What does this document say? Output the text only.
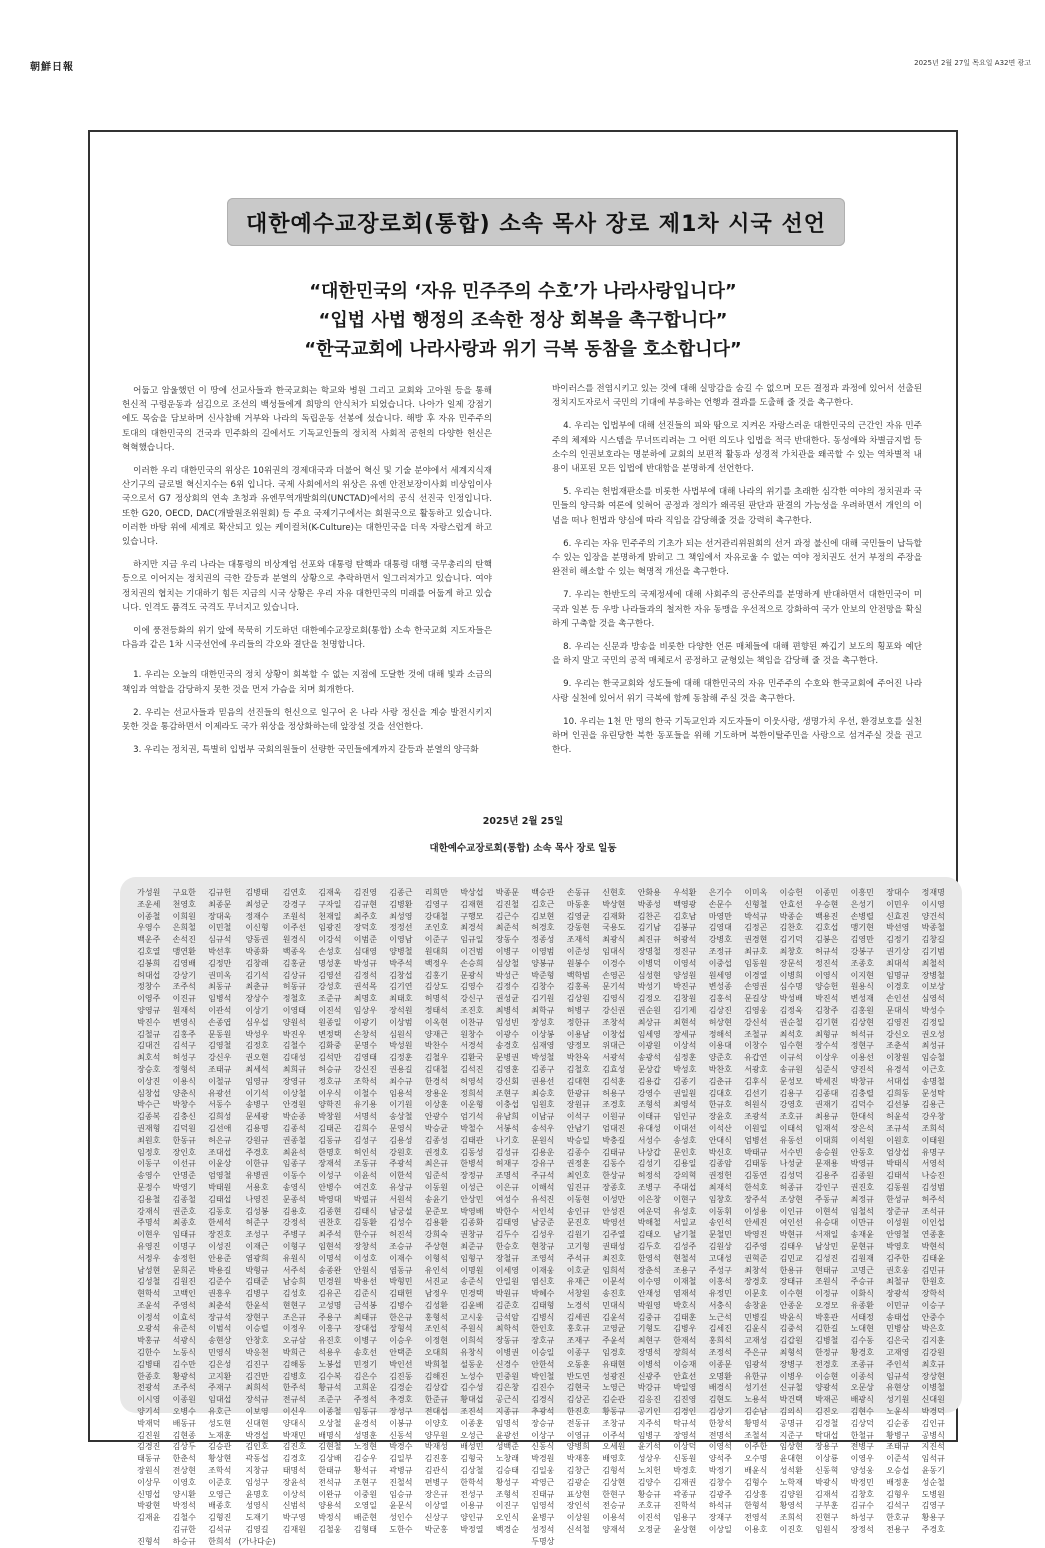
朝鮮日報	2025년 2월 27일 목요일 A32면 광고
대한예수교장로회(통합) 소속 목사 장로 제1차 시국 선언
“대한민국의 ‘자유 민주주의 수호’가 나라사랑입니다”
“입법 사법 행정의 조속한 정상 회복을 촉구합니다”
“한국교회에 나라사랑과 위기 극복 동참을 호소합니다”

어둡고 암울했던 이 땅에 선교사들과 한국교회는 학교와 병원 그리고 교회와 고아원 등을 통해 헌신적 구령운동과 섬김으로 조선의 백성들에게 희망의 안식처가 되었습니다. 나아가 일제 강점기에도 목숨을 담보하며 신사참배 거부와 나라의 독립운동 선봉에 섰습니다. 해방 후 자유 민주주의 토대의 대한민국의 건국과 민주화의 길에서도 기독교인들의 정치적 사회적 공헌의 다양한 헌신은 혁혁했습니다.

이러한 우리 대한민국의 위상은 10위권의 경제대국과 더불어 혁신 및 기술 분야에서 세계지식재산기구의 글로벌 혁신지수는 6위 입니다. 국제 사회에서의 위상은 유엔 안전보장이사회 비상임이사국으로서 G7 정상회의 연속 초청과 유엔무역개발회의(UNCTAD)에서의 공식 선진국 인정입니다. 또한 G20, OECD, DAC(개발원조위원회) 등 주요 국제기구에서는 회원국으로 활동하고 있습니다. 이러한 바탕 위에 세계로 확산되고 있는 케이컬처(K-Culture)는 대한민국을 더욱 자랑스럽게 하고 있습니다.

하지만 지금 우리 나라는 대통령의 비상계엄 선포와 대통령 탄핵과 대통령 대행 국무총리의 탄핵 등으로 이어지는 정치권의 극한 갈등과 분열의 상황으로 추락하면서 일그러져가고 있습니다. 여야 정치권의 협치는 기대하기 힘든 지금의 시국 상황은 우리 자유 대한민국의 미래를 어둡게 하고 있습니다. 인격도 품격도 국격도 무너지고 있습니다.

이에 풍전등화의 위기 앞에 묵묵히 기도하던 대한예수교장로회(통합) 소속 한국교회 지도자들은 다음과 같은 1차 시국선언에 우리들의 각오와 결단을 천명합니다.

1. 우리는 오늘의 대한민국의 정치 상황이 회복할 수 없는 지점에 도달한 것에 대해 빛과 소금의 책임과 역할을 감당하지 못한 것을 먼저 가슴을 치며 회개한다.

2. 우리는 선교사들과 믿음의 선진들의 헌신으로 일구어 온 나라 사랑 정신을 계승 발전시키지 못한 것을 통감하면서 이제라도 국가 위상을 정상화하는데 앞장설 것을 선언한다.

3. 우리는 정치권, 특별히 입법부 국회의원들이 선량한 국민들에게까지 갈등과 분열의 양극화

바이러스를 전염시키고 있는 것에 대해 실망감을 숨길 수 없으며 모든 결정과 과정에 있어서 선출된 정치지도자로서 국민의 기대에 부응하는 언행과 결과를 도출해 줄 것을 촉구한다.

4. 우리는 입법부에 대해 선진들의 피와 땀으로 지켜온 자랑스러운 대한민국의 근간인 자유 민주주의 체제와 시스템을 무너뜨리려는 그 어떤 의도나 입법을 적극 반대한다. 동성애와 차별금지법 등 소수의 인권보호라는 명분하에 교회의 보편적 활동과 성경적 가치관을 왜곡할 수 있는 역차별적 내용이 내포된 모든 입법에 반대함을 분명하게 선언한다.

5. 우리는 헌법재판소를 비롯한 사법부에 대해 나라의 위기를 초래한 심각한 여야의 정치권과 국민들의 양극화 여론에 잊혀어 공정과 정의가 왜곡된 판단과 판결의 가능성을 우려하면서 개인의 이념을 떠나 헌법과 양심에 따라 직임을 감당해줄 것을 강력히 촉구한다.

6. 우리는 자유 민주주의 기초가 되는 선거관리위원회의 선거 과정 불신에 대해 국민들이 납득할 수 있는 입장을 분명하게 밝히고 그 책임에서 자유로울 수 없는 여야 정치권도 선거 부정의 주장을 완전히 해소할 수 있는 혁명적 개선을 촉구한다.

7. 우리는 한반도의 국제정세에 대해 사회주의 공산주의를 분명하게 반대하면서 대한민국이 미국과 일본 등 우방 나라들과의 철저한 자유 동맹을 우선적으로 강화하여 국가 안보의 안전망을 확실하게 구축할 것을 촉구한다.

8. 우리는 신문과 방송을 비롯한 다양한 언론 매체들에 대해 편향된 짜깁기 보도의 횡포와 예단을 하지 말고 국민의 공적 매체로서 공정하고 균형있는 책임을 감당해 줄 것을 촉구한다.

9. 우리는 한국교회와 성도들에 대해 대한민국의 자유 민주주의 수호와 한국교회에 주어진 나라 사랑 실천에 있어서 위기 극복에 함께 동참해 주실 것을 촉구한다.

10. 우리는 1천 만 명의 한국 기독교인과 지도자들이 이웃사랑, 생명가치 우선, 환경보호를 실천하며 인권을 유린당한 북한 동포들을 위해 기도하며 북한이탈주민을 사랑으로 섬겨주실 것을 권고한다.

2025년 2월 25일
대한예수교장로회(통합) 소속 목사 장로 일동
가성원	구요한	김규헌	김병태	김연호	김재욱	김진영	김종근	리희만	박상섭	박종문	백승관	손동규	신현호	안화용	우석환	은기수	이미옥	이승헌	이종민	이흥민	장대수	정재명
조운세	천영호	최종문	최성군	강경구	구자일	김규현	김병환	김영구	김재현	김진철	김호근	마동훈	박상현	박종성	백영광	손문수	신형철	안효선	우승현	은성기	이민우	이시영
이종철	이희원	장대욱	정재수	조원석	천재일	최주호	최성영	강대철	구행모	김근수	김보현	김영균	김재화	김찬곤	김호남	마영만	박석규	박종순	백용진	손병렬	신효진	양건석
우영수	은희철	이민철	이신형	이주선	임광진	장덕호	정정선	조인호	최경석	최준석	허경호	강동현	국용도	김기남	김봉규	김영대	김정곤	김찬호	김호섭	맹기현	박선영	박종철
백운주	손석진	심규석	양동권	원경식	이강석	이범준	이영남	이준구	임규일	장동수	정종성	조재석	최광식	최진규	허광석	강병호	권경현	김기덕	김봉은	김영만	김정기	김창길
김호열	맹연환	박선후	박종화	백종옥	손성호	심대영	양병철	원대희	이건범	이병구	이영범	이준성	임대식	장명철	정진규	조정규	최규호	최창호	허규석	강봉구	권기상	김기범
김봉희	김영배	김정만	김창래	김홍균	명성훈	박성규	박주석	백정우	손승희	심상철	양봉규	원봉수	이경수	이병덕	이영석	이중섭	임동원	장문석	정진석	조종호	최대석	최철석
허대섭	강상기	권미옥	김기석	김상규	김영선	김정석	김창섭	김홍기	문광식	박성근	박준형	백학범	손영곤	심성현	양성원	원세영	이경열	이병희	이영식	이지현	임명규	장병철
정창수	조주석	최동규	최춘규	허동규	강성호	권석목	김기연	김상도	김영수	김정수	김창수	김홍록	문기석	박성기	박진규	변성종	손영권	심수명	양승헌	원용식	이경호	이보상
이영주	이진규	임병석	장상수	정철호	조준규	최명호	최태호	허명석	강신구	권성균	김기원	김상원	김영식	김정오	김창원	김홍석	문길상	박성배	박진석	변성재	손인선	심영석
양영규	원재석	이관석	이상기	이영태	이진석	임상우	장석원	정태석	조진호	최병석	최학규	허병구	강신권	권순원	김기제	김상진	김영웅	김정욱	김창주	김홍원	문대식	박성수
박진수	변영식	손종엽	심우섭	양원석	원종일	이광기	이상범	이옥현	이찬규	임성빈	장성호	정한규	조창석	최상규	최현석	허상현	강신석	권순철	김기현	김상현	김영진	김정일
김철규	김홍주	문동원	박성우	박진우	변정택	손창석	심원식	양재근	원창수	이광수	이상봉	이용남	이창섭	임세영	장세규	정해석	조철규	최석호	최형규	허석규	강신오	권오성
김대건	김석구	김영철	김정호	김철수	김화중	문명수	박성원	박찬수	서경석	송경호	심재영	양정모	위대근	이광원	이상석	이용대	이창수	임수현	장수석	정현구	조춘석	최성규
최호석	허성구	강신우	권오현	김대성	김석만	김영태	김정훈	김철우	김환국	문병권	박성철	박찬욱	서광석	송광석	심정훈	양준호	유갑연	이규석	이상우	이용선	이창원	임승철
장승호	정형석	조태규	최세석	최희규	허승규	강신진	권용길	김대철	김석진	김영훈	김종구	김철호	김효성	문상갑	박성호	박찬호	서광호	송규원	심준식	양진석	유경석	이근호
이상진	이용식	이철규	임영규	장영규	정호규	조학석	최수규	한경석	허영석	강신회	권용선	김대현	김석훈	김용갑	김종기	김춘규	김후식	문성모	박세진	박창규	서대섭	송명철
심창섭	양춘식	유광선	이기석	이상철	이우식	이철수	임용석	장용운	정희석	조현구	최승호	한광규	허용구	강영수	권일원	김대호	김선기	김용구	김종대	김충렬	김희동	문성탁
박수근	박창수	서동수	송병구	안경원	양학진	유기용	이기원	이상훈	이운형	이충섭	임원호	장원규	조경호	조형석	최영석	한규호	허원식	강영호	권재기	김덕수	김선봉	김용근
김종복	김충신	김희성	문세광	박순종	박창원	서명석	송상철	안광수	엄기석	유남희	이남규	이석구	이원규	이태규	임인규	장윤호	조광석	조호규	최용규	한대석	허윤석	강우창
권재형	김덕원	김선애	김용명	김종석	김태곤	김희수	문영식	박승균	박철수	서봉석	송석우	안남기	엄대진	유대성	이대선	이석산	이원일	이태석	임재석	장은석	조규석	조희석
최원호	한동규	허은규	강원규	권종철	김동규	김성구	김용성	김종성	김태관	나기호	문원식	박승일	박충길	서성수	송성호	안대식	엄병선	유동선	이대희	이석원	이원호	이태원
임정호	장인호	조대섭	주경호	최윤석	한명호	허인석	강원호	권정호	김동성	김성규	김용운	김종수	김태규	나상갑	문인호	박신호	박태규	서수빈	송승원	안동호	엄상섭	유명구
이동구	이선규	이윤상	이한규	임종구	장재석	조동규	주광석	최은규	한병석	허재구	강유구	권정훈	김동수	김성기	김용일	김종암	김태동	나성균	문재용	박영규	박태식	서영석
송영수	안명준	엄영철	유병권	이동수	이성구	이윤석	이한석	임준석	장정규	조명석	주규석	최인호	한상규	허정석	강의혁	권정헌	김동연	김성덕	김용주	김종원	김태석	나승진
문정수	박영기	박태원	서용호	송영식	안병수	여건호	유상규	이동원	이성근	이은규	이해석	임진규	장종호	조병구	주대섭	최재석	한석호	허종규	강인구	권진호	김동원	김성범
김용철	김종철	김태섭	나영진	문종석	박영대	박필규	서원석	송윤기	안상민	여성수	유석진	이동현	이성만	이은창	이현구	임창호	장주석	조상현	주동규	최정규	한성규	허주석
강재식	권준호	김동호	김성봉	김용호	김종현	김태식	남궁설	문준모	박영배	박한수	서인석	송인규	안성진	여운덕	유성호	이동휘	이성용	이인규	이현석	임철석	장준규	조석규
주명석	최종호	한세석	허준구	강정석	권찬호	김동환	김성수	김용환	김종화	김태영	남궁준	문진호	박영선	박해철	서일교	송인석	안세진	여인선	유승대	이만규	이성원	이인섭
이현우	임태규	장진호	조성구	주병구	최주석	한수규	허진석	강희숙	권창규	김두수	김성우	김원기	김주열	김태오	남기철	문철민	박영진	박현규	서재일	송재윤	안영철	연종훈
유영진	이명구	이성진	이재근	이형구	임현석	장창석	조승규	주상현	최준규	한승호	현창규	고기형	권태성	김두호	김성주	김원상	김주영	김태우	남상민	문현규	박영호	박현석
서정우	송정헌	안용준	염광희	유원식	이명석	이성호	이재수	이형석	임형구	장철규	조영석	주석규	최진호	한영석	현철석	고대성	권혁준	김민교	김성진	김원재	김주한	김태윤
남성현	문희곤	박용길	박형규	서주석	송종완	안원식	염동규	유인석	이명원	이세영	이재웅	이호균	임희석	장춘석	조용구	주성구	최창석	한용규	현태규	고명근	권호웅	김민규
김성철	김원진	김준수	김태준	남승희	민경원	박용선	박형민	서진교	송준식	안일원	염신호	유재근	이문석	이수영	이재철	이홍석	장경호	장태규	조원식	주승규	최철규	한원호
현학석	고백인	권흥우	김병구	김성호	김유곤	김준식	김태헌	남정우	민경택	박원규	박혜수	서창원	송진호	안재성	염재석	유정민	이문호	이수현	이정규	이화식	장광석	장학석
조윤석	주영석	최춘석	한윤석	현현구	고성명	금석봉	김병수	김성환	김윤배	김준호	김태형	노경석	민대식	박원영	박호식	서충식	송창윤	안종운	오경모	유종환	이민규	이승구
이정석	이효석	장규석	장현구	조은규	주용구	최태규	한은규	홍형석	고시웅	금석암	김병식	김세권	김윤석	김중규	김태훈	노근석	민병길	박윤식	박홍관	서태정	송태섭	안중수
오광석	유준석	이범석	이승렬	이정우	이흥구	장대섭	장형석	조인석	주원식	최학석	한인호	홍호규	고영균	기형도	김병우	김세진	김윤식	김중석	김한길	노대현	민병삼	박은호
박홍규	석광식	송현상	안창호	오규삼	유진호	이병구	이승우	이정현	이희석	장동규	장호규	조재구	주윤석	최현구	한재석	홍희석	고재성	김갑원	김병철	김수동	김은국	김지훈
김한수	노동식	민영식	박응천	박희근	석용우	송호선	안택준	오대희	유창식	이병권	이승일	이종구	임경호	장명석	장희석	조정석	주은규	최형석	한정규	황경호	고재영	김강원
김병태	김수만	김은성	김진구	김해동	노봉섭	민정기	박인선	박희철	설동운	신경수	안한석	오동훈	유태현	이병석	이승재	이종문	임광석	장병구	전경호	조종규	주인석	최호규
한종호	황광석	고지환	김건만	김병호	김수복	김은수	김진동	김해진	노성수	민중원	박인철	반도연	성광진	신광주	안효선	오명환	유한규	이병우	이승현	이종석	임규석	장상현
전광석	조주석	주재구	최희석	한주석	황규석	고희운	김경순	김상갑	김수성	김은창	김진수	김현국	노영근	박강규	박일영	배경식	성기선	신규철	양광석	오문상	유현상	이병철
이시영	이종원	임대섭	장석규	전규석	조준구	주정석	추경호	한준규	황대섭	공근식	김경식	김상곤	김순관	김응진	김진영	김현도	노용석	박건택	박재곤	배광식	성기원	신대원
양기석	오병수	유호근	이보영	이신우	이종철	임동규	장성구	전대섭	조진석	지종규	추광석	한진호	황동규	공기인	김경인	김상기	김순남	김의식	김진오	김현수	노윤식	박경덕
박재덕	배동규	성도현	신대현	양대식	오상철	윤경석	이봉규	이양호	이종훈	임명석	장승규	전동규	조창규	지주석	탁규석	한창석	황명석	공명규	김경철	김상덕	김순종	김인규
김진원	김현종	노재훈	박경섭	박재민	배명식	성명훈	신동석	양무원	오성근	윤광선	이상구	이영규	이주석	임병구	장영석	전명석	조철석	지준구	탁대섭	한철규	황병구	공병식
김경진	김상두	김승관	김인호	김진호	김현철	노정현	박경수	박재성	배성민	성백준	신동식	양병희	오세원	윤기석	이상덕	이영석	이주한	임상현	장용구	전병구	조태규	지진석
태동규	한춘석	황상현	곽동섭	김경호	김상배	김승우	김일부	김진홍	김형국	노창래	박경원	박재홍	배영호	성상우	신동원	양석주	오수명	윤대현	이상룡	이영우	이준석	임석규
장원식	전상현	조학석	지창규	태명석	한태규	황석규	곽병규	김관식	김상철	김승태	김일웅	김창근	김형석	노치헌	박경호	박정기	배윤식	성석환	신동혁	양성웅	오승섭	윤동기
이상무	이영호	이준호	임성구	장윤석	전석규	조현구	진철석	편병구	한학석	황성구	곽영근	김광순	김상현	김양수	김재권	김창수	김형수	노학재	박광식	박정민	배정훈	성순철
신명섭	양시환	오영근	윤명호	이상석	이완규	이중원	임승규	장은규	전성구	조형석	진태규	표상현	한현구	황승규	곽종규	김광주	김상흥	김양원	김재석	김창호	김형우	도병원
박광현	박정석	배종호	성영식	신범석	양용석	오영일	윤문식	이상열	이용규	이진구	임영석	장인석	전승규	조호규	진학석	하석규	한형석	황영석	구부훈	김규수	김석구	김영구
김재윤	김철수	김형진	도재기	박구영	박정식	배준현	성인수	신상구	양인규	오인식	윤병구	이상원	이용석	이진석	임용구	장재구	전영석	조희석	진현구	하성구	한호규	황용구
김규한	김석규	김영길	김재원	김철웅	김형태	도한수	박군홍	박정열	백경순	성정석	신석철	양재석	오정균	윤상현	이상일	이용호	이진호	임원식	장정석	전용구	주경호
진형석	하승규	한희석 (가나다순)	두명상
